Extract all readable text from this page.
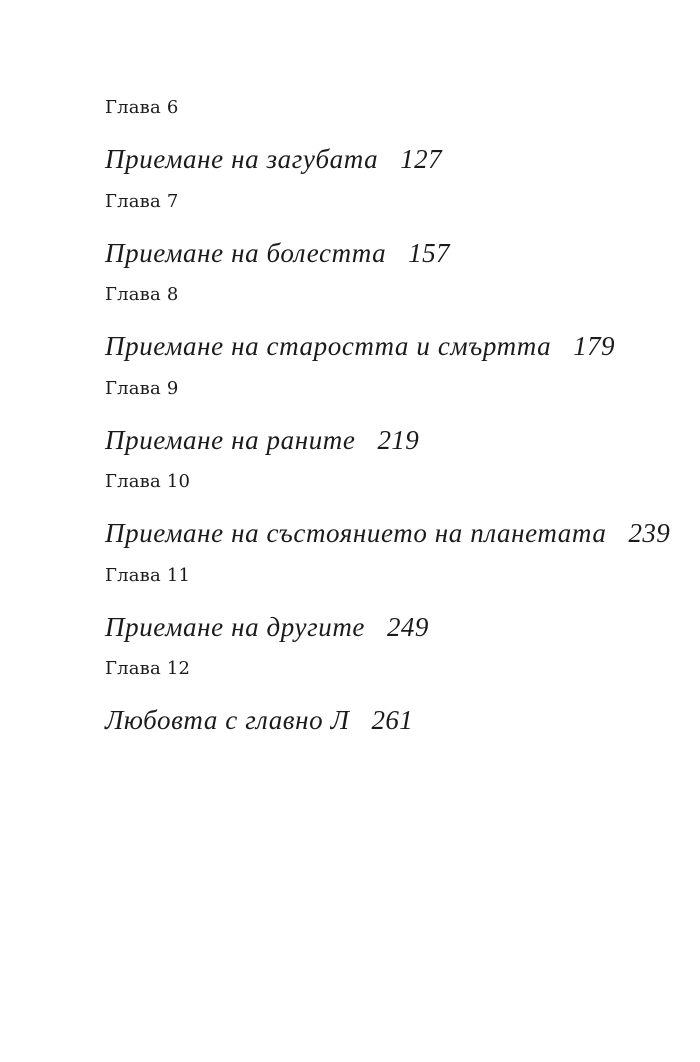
Глава 6
Приемане на загубата 127
Глава 7
Приемане на болестта 157
Глава 8
Приемане на старостта и смъртта 179
Глава 9
Приемане на раните 219
Глава 10
Приемане на състоянието на планетата 239
Глава 11
Приемане на другите 249
Глава 12
Любовта с главно Л 261
